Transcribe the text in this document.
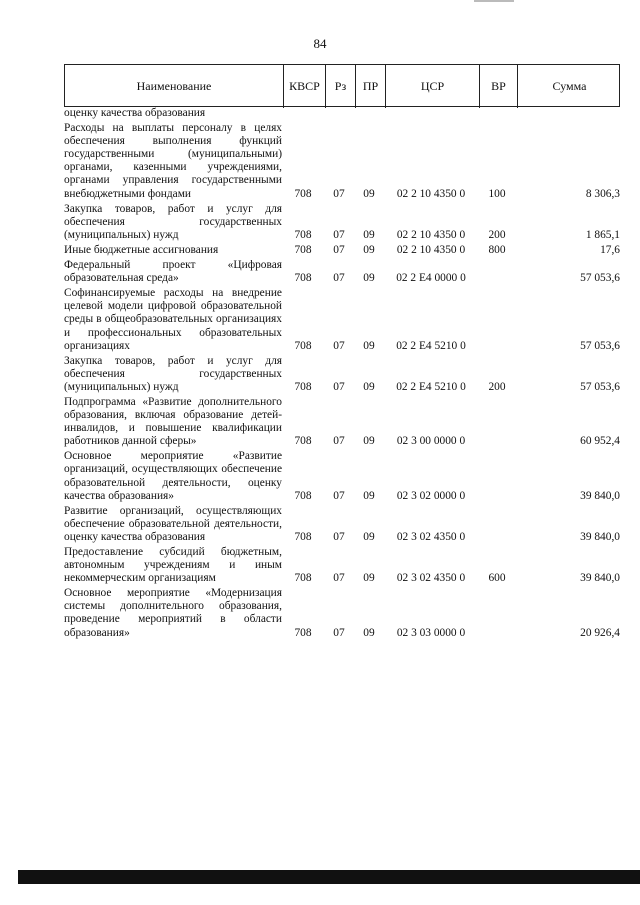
84
Наименование	КВСР	Рз	ПР	ЦСР	ВР	Сумма
оценку качества образования						
Расходы на выплаты персоналу в целях обеспечения выполнения функций государственными (муниципальными) органами, казенными учреждениями, органами управления государственными внебюджетными фондами	708	07	09	02 2 10 4350 0	100	8 306,3
Закупка товаров, работ и услуг для обеспечения государственных (муниципальных) нужд	708	07	09	02 2 10 4350 0	200	1 865,1
Иные бюджетные ассигнования	708	07	09	02 2 10 4350 0	800	17,6
Федеральный проект «Цифровая образовательная среда»	708	07	09	02 2 E4 0000 0		57 053,6
Софинансируемые расходы на внедрение целевой модели цифровой образовательной среды в общеобразовательных организациях и профессиональных образовательных организациях	708	07	09	02 2 E4 5210 0		57 053,6
Закупка товаров, работ и услуг для обеспечения государственных (муниципальных) нужд	708	07	09	02 2 E4 5210 0	200	57 053,6
Подпрограмма «Развитие дополнительного образования, включая образование детей-инвалидов, и повышение квалификации работников данной сферы»	708	07	09	02 3 00 0000 0		60 952,4
Основное мероприятие «Развитие организаций, осуществляющих обеспечение образовательной деятельности, оценку качества образования»	708	07	09	02 3 02 0000 0		39 840,0
Развитие организаций, осуществляющих обеспечение образовательной деятельности, оценку качества образования	708	07	09	02 3 02 4350 0		39 840,0
Предоставление субсидий бюджетным, автономным учреждениям и иным некоммерческим организациям	708	07	09	02 3 02 4350 0	600	39 840,0
Основное мероприятие «Модернизация системы дополнительного образования, проведение мероприятий в области образования»	708	07	09	02 3 03 0000 0		20 926,4
